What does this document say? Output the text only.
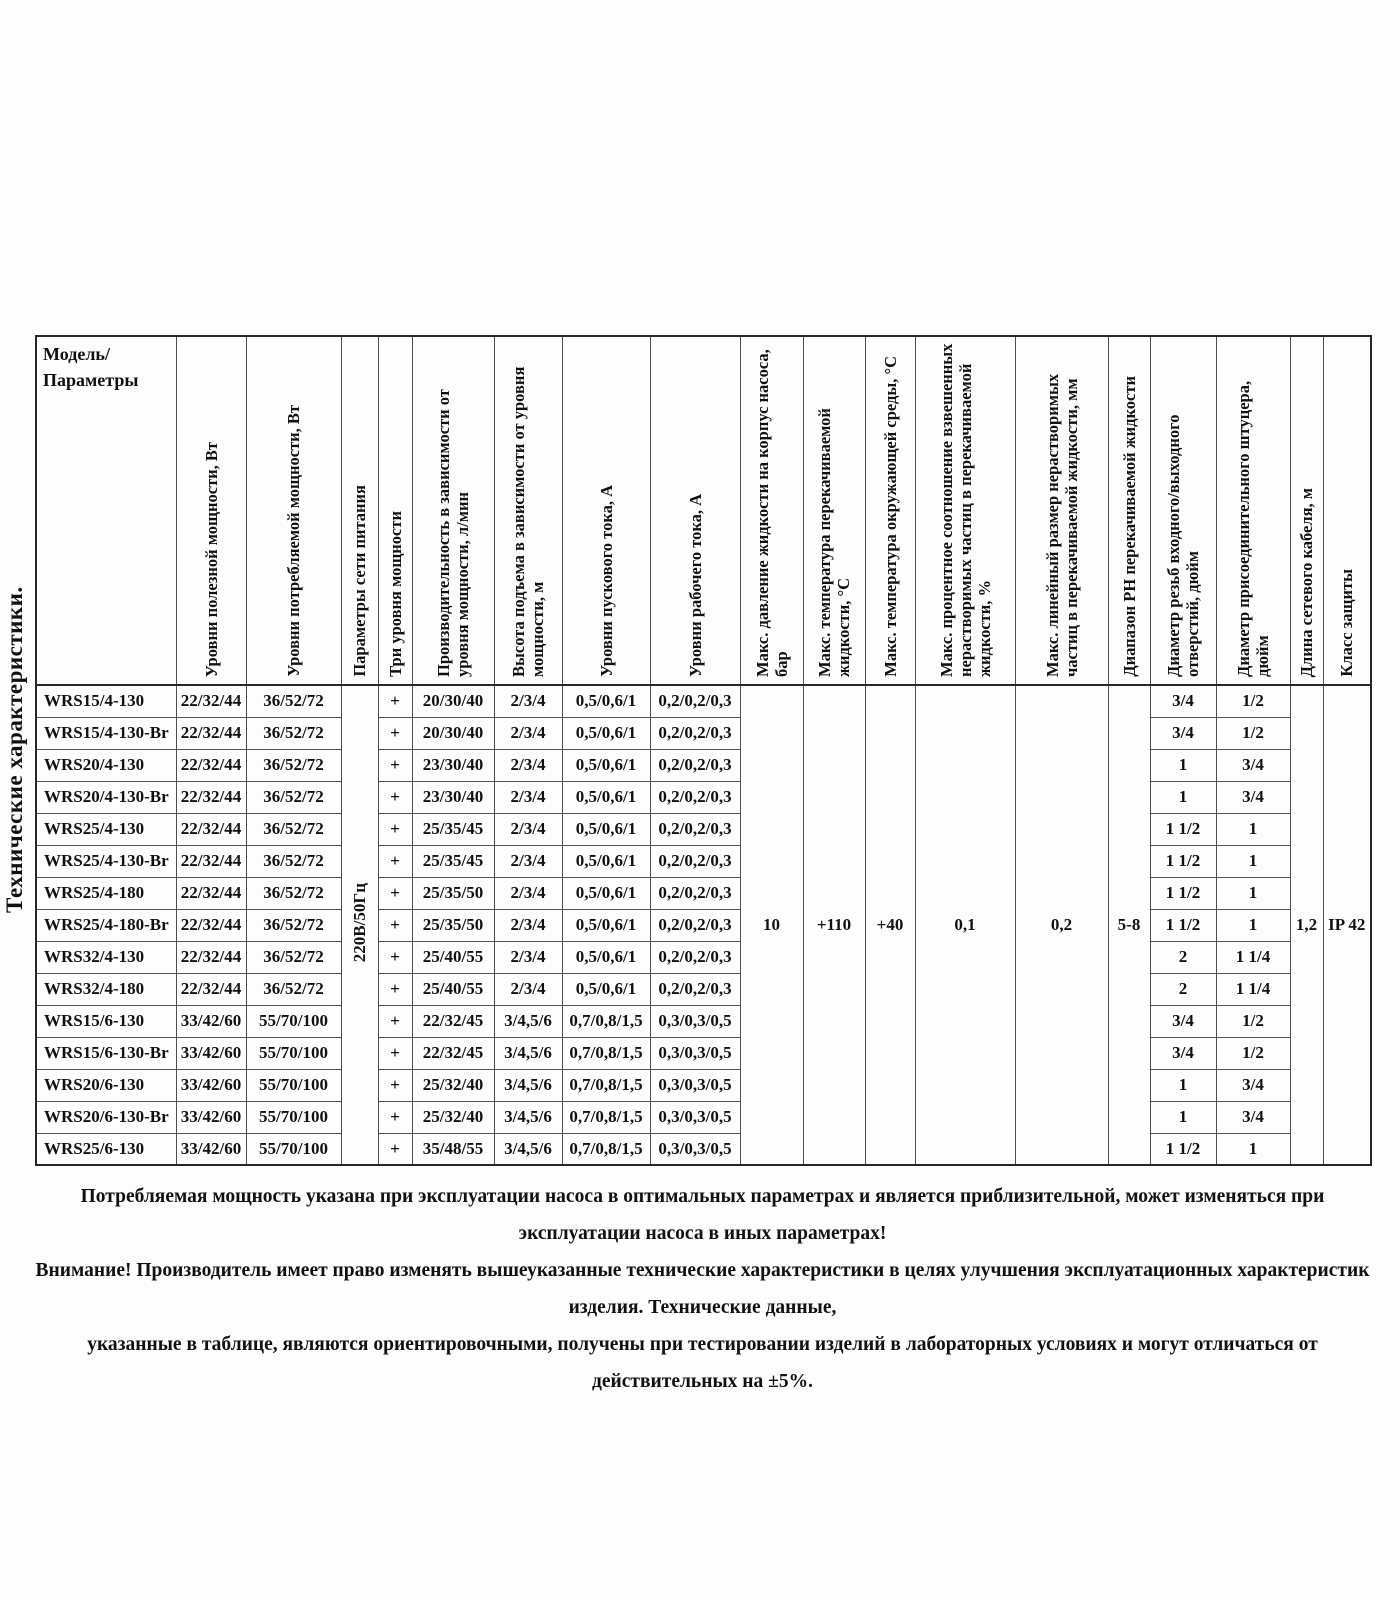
Технические характеристики.
Модель/
Параметры	Уровни полезной мощности, Вт	Уровни потребляемой мощности, Вт	Параметры сети питания	Три уровня мощности	Производительность в зависимости от уровня мощности, л/мин	Высота подъема в зависимости от уровня мощности, м	Уровни пускового тока, А	Уровни рабочего тока, А	Макс. давление жидкости на корпус насоса, бар	Макс. температура перекачиваемой жидкости, °С	Макс. температура окружающей среды, °С	Макс. процентное соотношение взвешенных нерастворимых частиц в перекачиваемой жидкости, %	Макс. линейный размер нерастворимых частиц в перекачиваемой жидкости, мм	Диапазон PH перекачиваемой жидкости	Диаметр резьб входного/выходного отверстий, дюйм	Диаметр присоединительного штуцера, дюйм	Длина сетевого кабеля, м	Класс защиты
WRS15/4-130	22/32/44	36/52/72	220В/50Гц	+	20/30/40	2/3/4	0,5/0,6/1	0,2/0,2/0,3	10	+110	+40	0,1	0,2	5-8	3/4	1/2	1,2	IP 42
WRS15/4-130-Br	22/32/44	36/52/72		+	20/30/40	2/3/4	0,5/0,6/1	0,2/0,2/0,3							3/4	1/2		
WRS20/4-130	22/32/44	36/52/72		+	23/30/40	2/3/4	0,5/0,6/1	0,2/0,2/0,3							1	3/4		
WRS20/4-130-Br	22/32/44	36/52/72		+	23/30/40	2/3/4	0,5/0,6/1	0,2/0,2/0,3							1	3/4		
WRS25/4-130	22/32/44	36/52/72		+	25/35/45	2/3/4	0,5/0,6/1	0,2/0,2/0,3							1 1/2	1		
WRS25/4-130-Br	22/32/44	36/52/72		+	25/35/45	2/3/4	0,5/0,6/1	0,2/0,2/0,3							1 1/2	1		
WRS25/4-180	22/32/44	36/52/72		+	25/35/50	2/3/4	0,5/0,6/1	0,2/0,2/0,3							1 1/2	1		
WRS25/4-180-Br	22/32/44	36/52/72		+	25/35/50	2/3/4	0,5/0,6/1	0,2/0,2/0,3							1 1/2	1		
WRS32/4-130	22/32/44	36/52/72		+	25/40/55	2/3/4	0,5/0,6/1	0,2/0,2/0,3							2	1 1/4		
WRS32/4-180	22/32/44	36/52/72		+	25/40/55	2/3/4	0,5/0,6/1	0,2/0,2/0,3							2	1 1/4		
WRS15/6-130	33/42/60	55/70/100		+	22/32/45	3/4,5/6	0,7/0,8/1,5	0,3/0,3/0,5							3/4	1/2		
WRS15/6-130-Br	33/42/60	55/70/100		+	22/32/45	3/4,5/6	0,7/0,8/1,5	0,3/0,3/0,5							3/4	1/2		
WRS20/6-130	33/42/60	55/70/100		+	25/32/40	3/4,5/6	0,7/0,8/1,5	0,3/0,3/0,5							1	3/4		
WRS20/6-130-Br	33/42/60	55/70/100		+	25/32/40	3/4,5/6	0,7/0,8/1,5	0,3/0,3/0,5							1	3/4		
WRS25/6-130	33/42/60	55/70/100		+	35/48/55	3/4,5/6	0,7/0,8/1,5	0,3/0,3/0,5							1 1/2	1		
Потребляемая мощность указана при эксплуатации насоса в оптимальных параметрах и является приблизительной, может изменяться при эксплуатации насоса в иных параметрах!
Внимание! Производитель имеет право изменять вышеуказанные технические характеристики в целях улучшения эксплуатационных характеристик изделия. Технические данные,
указанные в таблице, являются ориентировочными, получены при тестировании изделий в лабораторных условиях и могут отличаться от действительных на ±5%.
